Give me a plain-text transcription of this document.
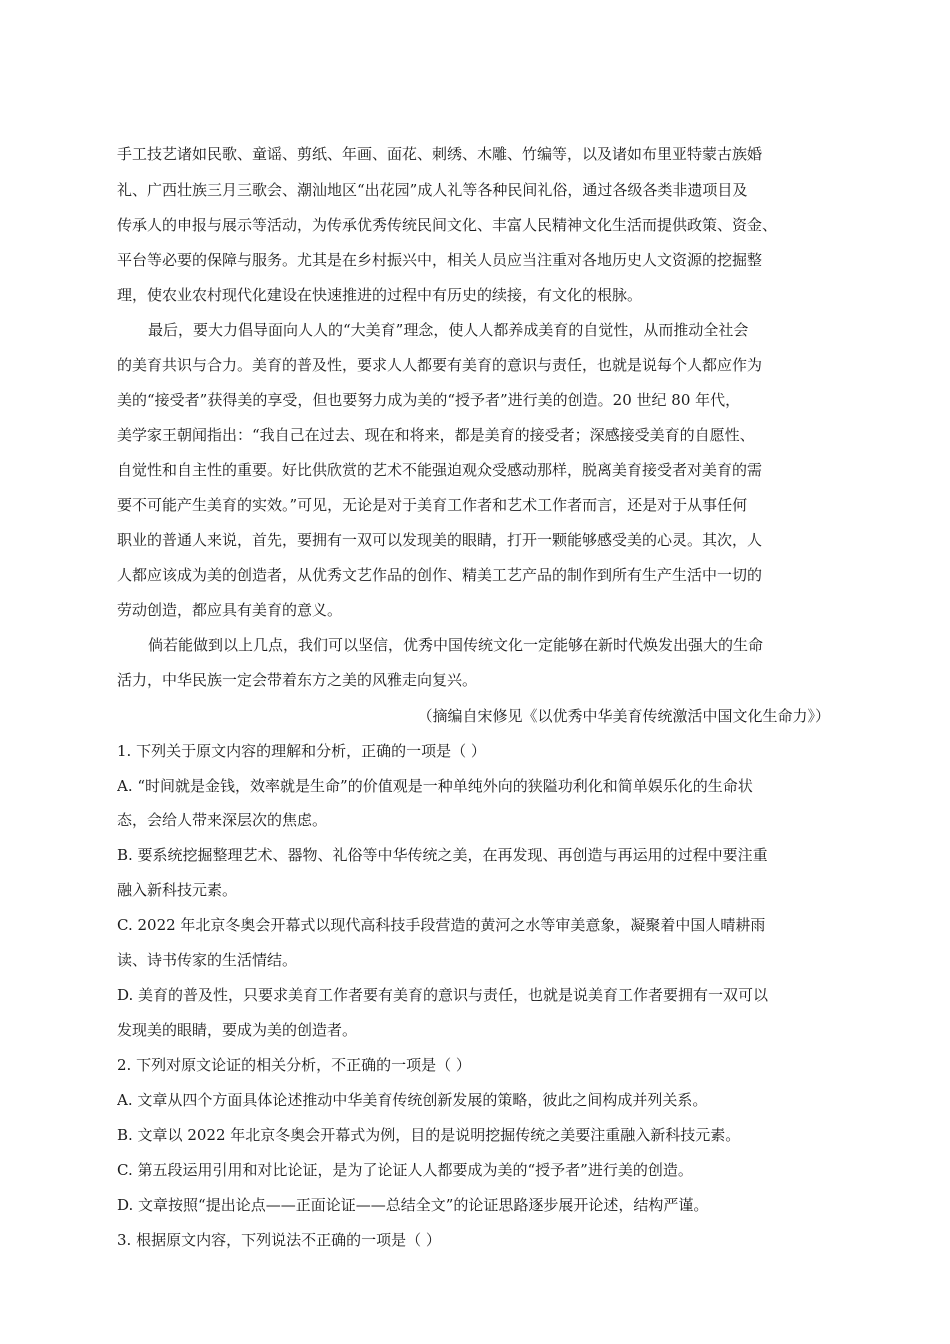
手工技艺诸如民歌、童谣、剪纸、年画、面花、刺绣、木雕、竹编等，以及诸如布里亚特蒙古族婚
礼、广西壮族三月三歌会、潮汕地区“出花园”成人礼等各种民间礼俗，通过各级各类非遗项目及
传承人的申报与展示等活动，为传承优秀传统民间文化、丰富人民精神文化生活而提供政策、资金、
平台等必要的保障与服务。尤其是在乡村振兴中，相关人员应当注重对各地历史人文资源的挖掘整
理，使农业农村现代化建设在快速推进的过程中有历史的续接，有文化的根脉。
最后，要大力倡导面向人人的“大美育”理念，使人人都养成美育的自觉性，从而推动全社会
的美育共识与合力。美育的普及性，要求人人都要有美育的意识与责任，也就是说每个人都应作为
美的“接受者”获得美的享受，但也要努力成为美的“授予者”进行美的创造。20 世纪 80 年代，
美学家王朝闻指出：“我自己在过去、现在和将来，都是美育的接受者；深感接受美育的自愿性、
自觉性和自主性的重要。好比供欣赏的艺术不能强迫观众受感动那样，脱离美育接受者对美育的需
要不可能产生美育的实效。”可见，无论是对于美育工作者和艺术工作者而言，还是对于从事任何
职业的普通人来说，首先，要拥有一双可以发现美的眼睛，打开一颗能够感受美的心灵。其次，人
人都应该成为美的创造者，从优秀文艺作品的创作、精美工艺产品的制作到所有生产生活中一切的
劳动创造，都应具有美育的意义。
倘若能做到以上几点，我们可以坚信，优秀中国传统文化一定能够在新时代焕发出强大的生命
活力，中华民族一定会带着东方之美的风雅走向复兴。
（摘编自宋修见《以优秀中华美育传统激活中国文化生命力》）
1. 下列关于原文内容的理解和分析，正确的一项是（ ）
A. “时间就是金钱，效率就是生命”的价值观是一种单纯外向的狭隘功利化和简单娱乐化的生命状
态，会给人带来深层次的焦虑。
B. 要系统挖掘整理艺术、器物、礼俗等中华传统之美，在再发现、再创造与再运用的过程中要注重
融入新科技元素。
C. 2022 年北京冬奥会开幕式以现代高科技手段营造的黄河之水等审美意象，凝聚着中国人晴耕雨
读、诗书传家的生活情结。
D. 美育的普及性，只要求美育工作者要有美育的意识与责任，也就是说美育工作者要拥有一双可以
发现美的眼睛，要成为美的创造者。
2. 下列对原文论证的相关分析，不正确的一项是（ ）
A. 文章从四个方面具体论述推动中华美育传统创新发展的策略，彼此之间构成并列关系。
B. 文章以 2022 年北京冬奥会开幕式为例，目的是说明挖掘传统之美要注重融入新科技元素。
C. 第五段运用引用和对比论证，是为了论证人人都要成为美的“授予者”进行美的创造。
D. 文章按照“提出论点——正面论证——总结全文”的论证思路逐步展开论述，结构严谨。
3. 根据原文内容，下列说法不正确的一项是（ ）
